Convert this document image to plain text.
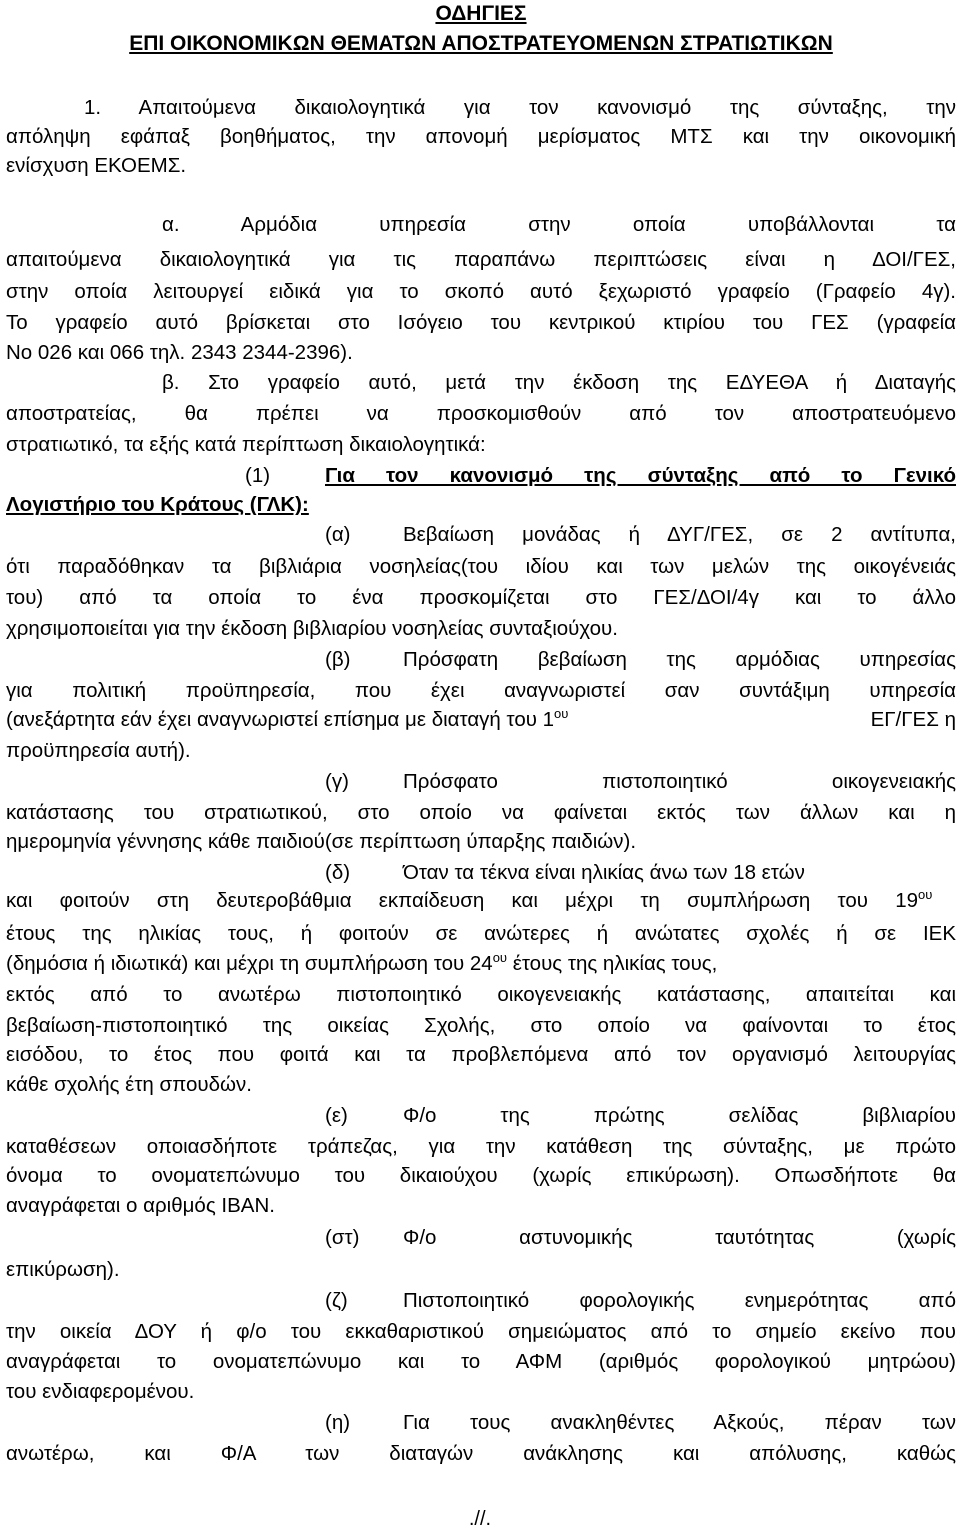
ΟΔΗΓΙΕΣ
ΕΠΙ ΟΙΚΟΝΟΜΙΚΩΝ ΘΕΜΑΤΩΝ ΑΠΟΣΤΡΑΤΕΥΟΜΕΝΩΝ ΣΤΡΑΤΙΩΤΙΚΩΝ
1. Απαιτούμενα δικαιολογητικά για τον κανονισμό της σύνταξης, την
απόληψη εφάπαξ βοηθήματος, την απονομή μερίσματος ΜΤΣ και την οικονομική
ενίσχυση ΕΚΟΕΜΣ.
α. Αρμόδια υπηρεσία στην οποία υποβάλλονται τα
απαιτούμενα δικαιολογητικά για τις παραπάνω περιπτώσεις είναι η ΔΟΙ/ΓΕΣ,
στην οποία λειτουργεί ειδικά για το σκοπό αυτό ξεχωριστό γραφείο (Γραφείο 4γ).
Το γραφείο αυτό βρίσκεται στο Ισόγειο του κεντρικού κτιρίου του ΓΕΣ (γραφεία
Νο 026 και 066 τηλ. 2343 2344-2396).
β. Στο γραφείο αυτό, μετά την έκδοση της ΕΔΥΕΘΑ ή Διαταγής
αποστρατείας, θα πρέπει να προσκομισθούν από τον αποστρατευόμενο
στρατιωτικό, τα εξής κατά περίπτωση δικαιολογητικά:
(1)	Για τον κανονισμό της σύνταξης από το Γενικό
Λογιστήριο του Κράτους (ΓΛΚ):
(α)	Βεβαίωση μονάδας ή ΔΥΓ/ΓΕΣ, σε 2 αντίτυπα,
ότι παραδόθηκαν τα βιβλιάρια νοσηλείας(του ιδίου και των μελών της οικογένειάς
του) από τα οποία το ένα προσκομίζεται στο ΓΕΣ/ΔΟΙ/4γ και το άλλο
χρησιμοποιείται για την έκδοση βιβλιαρίου νοσηλείας συνταξιούχου.
(β)	Πρόσφατη βεβαίωση της αρμόδιας υπηρεσίας
για πολιτική προϋπηρεσία, που έχει αναγνωριστεί σαν συντάξιμη υπηρεσία
(ανεξάρτητα εάν έχει αναγνωριστεί επίσημα με διαταγή του $1^{o\upsilon}$	ΕΓ/ΓΕΣ η
προϋπηρεσία αυτή).
(γ)	Πρόσφατο πιστοποιητικό οικογενειακής
κατάστασης του στρατιωτικού, στο οποίο να φαίνεται εκτός των άλλων και η
ημερομηνία γέννησης κάθε παιδιού(σε περίπτωση ύπαρξης παιδιών).
(δ)	Όταν τα τέκνα είναι ηλικίας άνω των 18 ετών
και φοιτούν στη δευτεροβάθμια εκπαίδευση και μέχρι τη συμπλήρωση του $19^{o\upsilon}$
έτους της ηλικίας τους, ή φοιτούν σε ανώτερες ή ανώτατες σχολές ή σε ΙΕΚ
(δημόσια ή ιδιωτικά) και μέχρι τη συμπλήρωση του $24^{o\upsilon}$ έτους της ηλικίας τους,
εκτός από το ανωτέρω πιστοποιητικό οικογενειακής κατάστασης, απαιτείται και
βεβαίωση-πιστοποιητικό της οικείας Σχολής, στο οποίο να φαίνονται το έτος
εισόδου, το έτος που φοιτά και τα προβλεπόμενα από τον οργανισμό λειτουργίας
κάθε σχολής έτη σπουδών.
(ε)	Φ/ο της πρώτης σελίδας βιβλιαρίου
καταθέσεων οποιασδήποτε τράπεζας, για την κατάθεση της σύνταξης, με πρώτο
όνομα το ονοματεπώνυμο του δικαιούχου (χωρίς επικύρωση). Οπωσδήποτε θα
αναγράφεται ο αριθμός ΙΒΑΝ.
(στ)	Φ/ο αστυνομικής ταυτότητας (χωρίς
επικύρωση).
(ζ)	Πιστοποιητικό φορολογικής ενημερότητας από
την οικεία ΔΟΥ ή φ/ο του εκκαθαριστικού σημειώματος από το σημείο εκείνο που
αναγράφεται το ονοματεπώνυμο και το ΑΦΜ (αριθμός φορολογικού μητρώου)
του ενδιαφερομένου.
(η)	Για τους ανακληθέντες Αξκούς, πέραν των
ανωτέρω, και Φ/Α των διαταγών ανάκλησης και απόλυσης, καθώς
.//.
